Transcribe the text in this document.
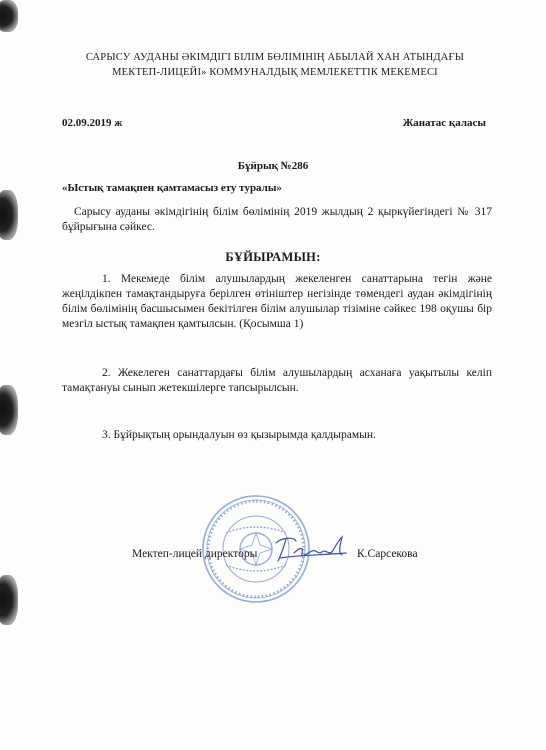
САРЫСУ АУДАНЫ ӘКІМДІГІ БІЛІМ БӨЛІМІНІҢ АБЫЛАЙ ХАН АТЫНДАҒЫ
МЕКТЕП-ЛИЦЕЙІ» КОММУНАЛДЫҚ МЕМЛЕКЕТТІК МЕКЕМЕСІ
02.09.2019 ж	Жанатас қаласы
Бұйрық №286
«Ыстық тамақпен қамтамасыз ету туралы»
Сарысу ауданы әкімдігінің білім бөлімінің 2019 жылдың 2 қыркүйегіндегі № 317 бұйрығына сәйкес.
БҰЙЫРАМЫН:
1. Мекемеде білім алушылардың жекеленген санаттарына тегін және жеңілдікпен тамақтандыруға берілген өтініштер негізінде төмендегі аудан әкімдігінің білім бөлімінің басшысымен бекітілген білім алушылар тізіміне сәйкес 198 оқушы бір мезгіл ыстық тамақпен қамтылсын. (Қосымша 1)
2. Жекелеген санаттардағы білім алушылардың асханаға уақытылы келіп тамақтануы сынып жетекшілерге тапсырылсын.
3. Бұйрықтың орындалуын өз қызырымда қалдырамын.
Мектеп-лицей директоры	К.Сарсекова
